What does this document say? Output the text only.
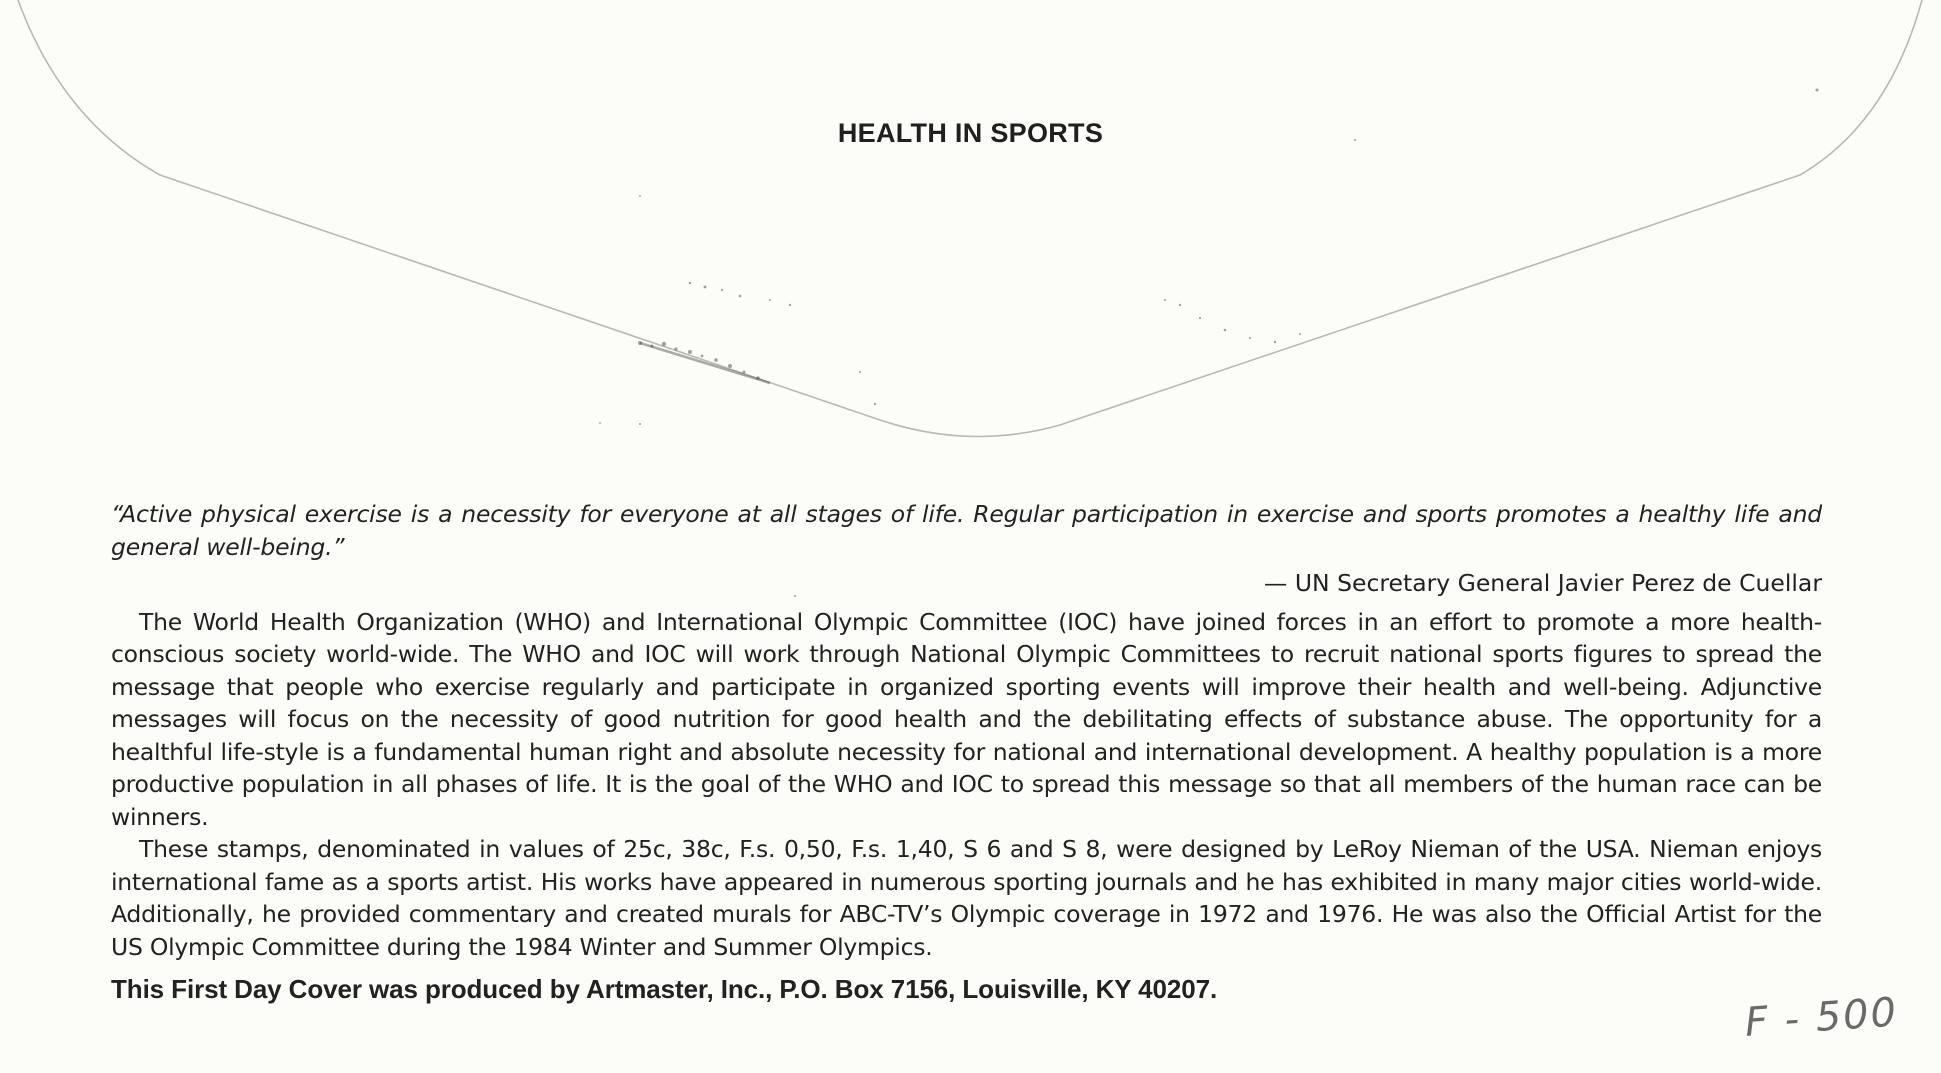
HEALTH IN SPORTS

“Active physical exercise is a necessity for everyone at all stages of life. Regular participation in exercise and sports promotes a healthy life and general well-being.”

— UN Secretary General Javier Perez de Cuellar

The World Health Organization (WHO) and International Olympic Committee (IOC) have joined forces in an effort to promote a more health-conscious society world-wide. The WHO and IOC will work through National Olympic Committees to recruit national sports figures to spread the message that people who exercise regularly and participate in organized sporting events will improve their health and well-being. Adjunctive messages will focus on the necessity of good nutrition for good health and the debilitating effects of substance abuse. The opportunity for a healthful life-style is a fundamental human right and absolute necessity for national and international development. A healthy population is a more productive population in all phases of life. It is the goal of the WHO and IOC to spread this message so that all members of the human race can be winners.

These stamps, denominated in values of 25c, 38c, F.s. 0,50, F.s. 1,40, S 6 and S 8, were designed by LeRoy Nieman of the USA. Nieman enjoys international fame as a sports artist. His works have appeared in numerous sporting journals and he has exhibited in many major cities world-wide. Additionally, he provided commentary and created murals for ABC-TV’s Olympic coverage in 1972 and 1976. He was also the Official Artist for the US Olympic Committee during the 1984 Winter and Summer Olympics.

This First Day Cover was produced by Artmaster, Inc., P.O. Box 7156, Louisville, KY 40207.

F - 500
